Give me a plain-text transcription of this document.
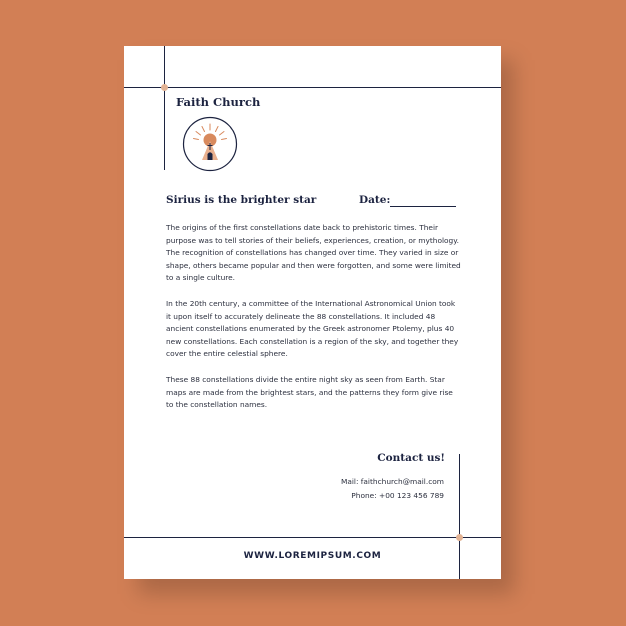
Faith Church
Sirius is the brighter star	Date:

The origins of the first constellations date back to prehistoric times. Their purpose was to tell stories of their beliefs, experiences, creation, or mythology. The recognition of constellations has changed over time. They varied in size or shape, others became popular and then were forgotten, and some were limited to a single culture.

In the 20th century, a committee of the International Astronomical Union took it upon itself to accurately delineate the 88 constellations. It included 48 ancient constellations enumerated by the Greek astronomer Ptolemy, plus 40 new constellations. Each constellation is a region of the sky, and together they cover the entire celestial sphere.

These 88 constellations divide the entire night sky as seen from Earth. Star maps are made from the brightest stars, and the patterns they form give rise to the constellation names.

Contact us!
Mail: faithchurch@mail.com
Phone: +00 123 456 789
WWW.LOREMIPSUM.COM
